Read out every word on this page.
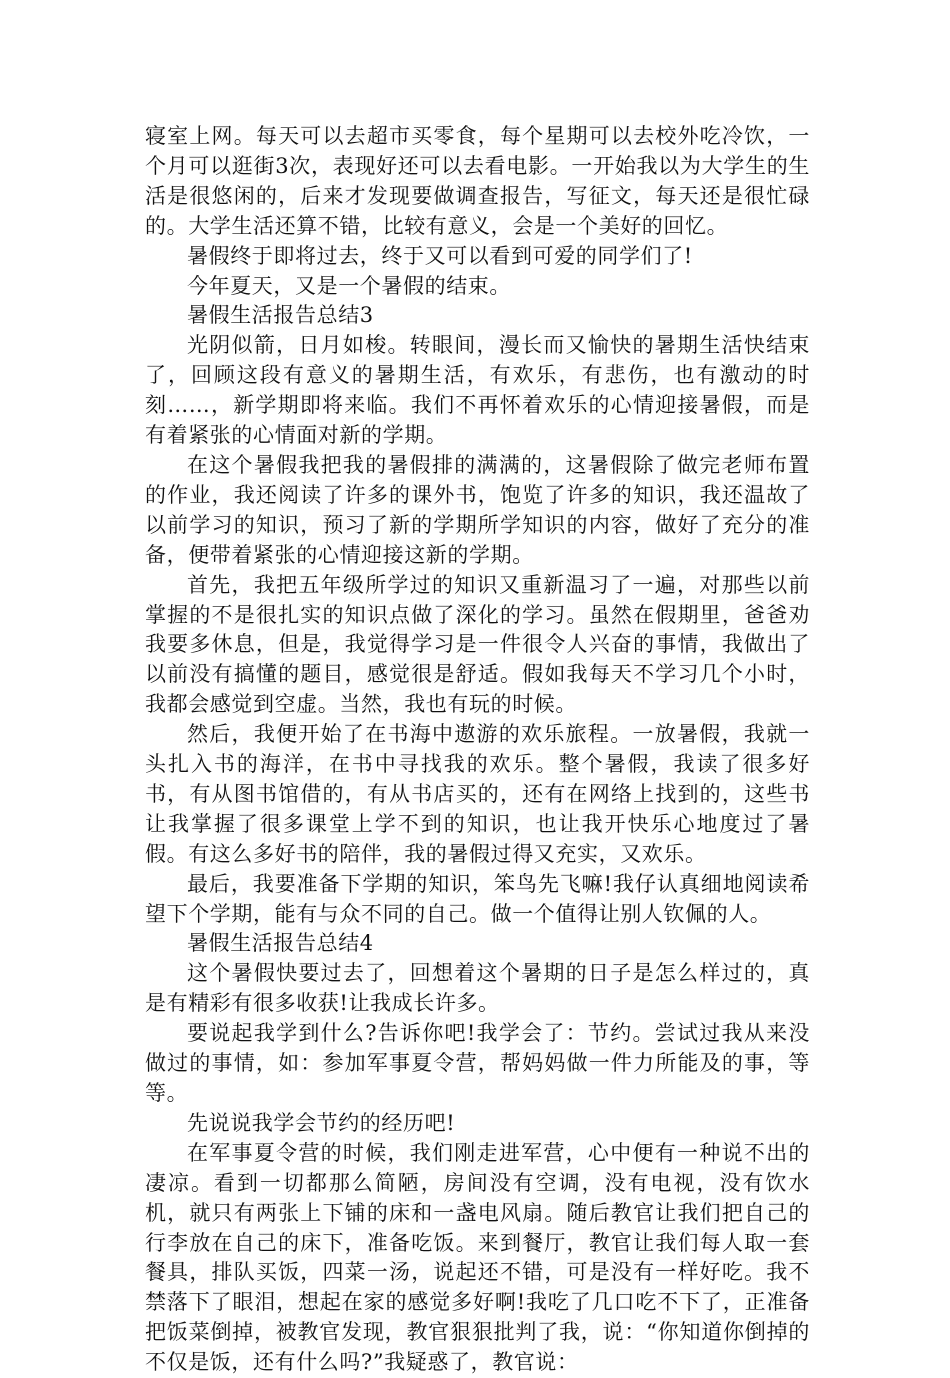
寝室上网。每天可以去超市买零食，每个星期可以去校外吃冷饮，一个月可以逛街3次，表现好还可以去看电影。一开始我以为大学生的生活是很悠闲的，后来才发现要做调查报告，写征文，每天还是很忙碌的。大学生活还算不错，比较有意义，会是一个美好的回忆。

暑假终于即将过去，终于又可以看到可爱的同学们了!

今年夏天，又是一个暑假的结束。

暑假生活报告总结3

光阴似箭，日月如梭。转眼间，漫长而又愉快的暑期生活快结束了，回顾这段有意义的暑期生活，有欢乐，有悲伤，也有激动的时刻……，新学期即将来临。我们不再怀着欢乐的心情迎接暑假，而是有着紧张的心情面对新的学期。

在这个暑假我把我的暑假排的满满的，这暑假除了做完老师布置的作业，我还阅读了许多的课外书，饱览了许多的知识，我还温故了以前学习的知识，预习了新的学期所学知识的内容，做好了充分的准备，便带着紧张的心情迎接这新的学期。

首先，我把五年级所学过的知识又重新温习了一遍，对那些以前掌握的不是很扎实的知识点做了深化的学习。虽然在假期里，爸爸劝我要多休息，但是，我觉得学习是一件很令人兴奋的事情，我做出了以前没有搞懂的题目，感觉很是舒适。假如我每天不学习几个小时，我都会感觉到空虚。当然，我也有玩的时候。

然后，我便开始了在书海中遨游的欢乐旅程。一放暑假，我就一头扎入书的海洋，在书中寻找我的欢乐。整个暑假，我读了很多好书，有从图书馆借的，有从书店买的，还有在网络上找到的，这些书让我掌握了很多课堂上学不到的知识，也让我开快乐心地度过了暑假。有这么多好书的陪伴，我的暑假过得又充实，又欢乐。

最后，我要准备下学期的知识，笨鸟先飞嘛!我仔认真细地阅读希望下个学期，能有与众不同的自己。做一个值得让别人钦佩的人。

暑假生活报告总结4

这个暑假快要过去了，回想着这个暑期的日子是怎么样过的，真是有精彩有很多收获!让我成长许多。

要说起我学到什么?告诉你吧!我学会了：节约。尝试过我从来没做过的事情，如：参加军事夏令营，帮妈妈做一件力所能及的事，等等。

先说说我学会节约的经历吧!

在军事夏令营的时候，我们刚走进军营，心中便有一种说不出的凄凉。看到一切都那么简陋，房间没有空调，没有电视，没有饮水机，就只有两张上下铺的床和一盏电风扇。随后教官让我们把自己的行李放在自己的床下，准备吃饭。来到餐厅，教官让我们每人取一套餐具，排队买饭，四菜一汤，说起还不错，可是没有一样好吃。我不禁落下了眼泪，想起在家的感觉多好啊!我吃了几口吃不下了，正准备把饭菜倒掉，被教官发现，教官狠狠批判了我，说：“你知道你倒掉的不仅是饭，还有什么吗?”我疑惑了，教官说：
